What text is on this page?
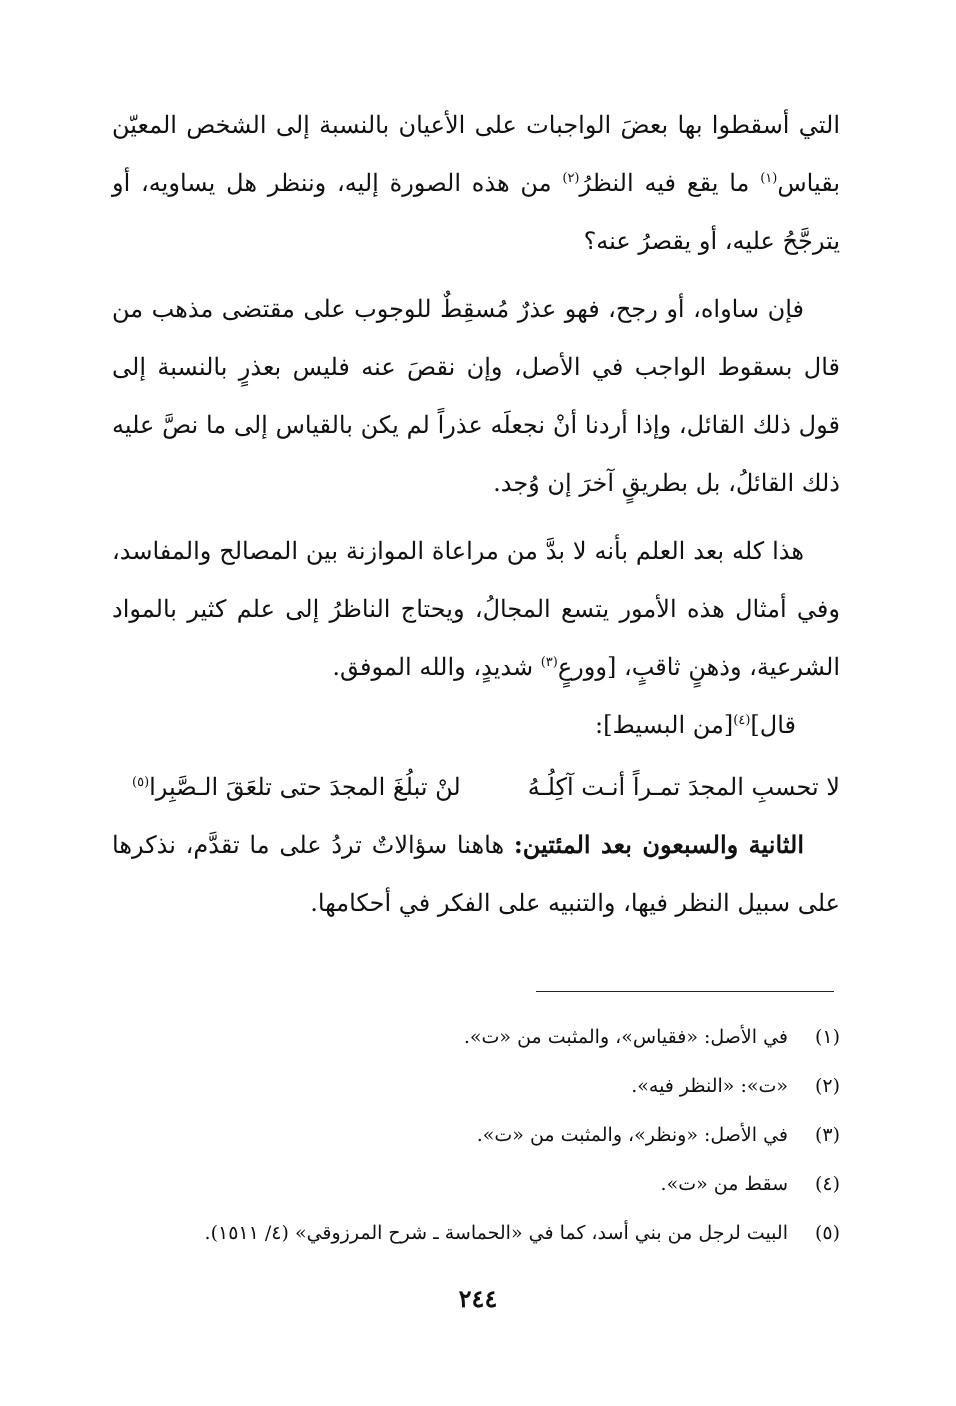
التي أسقطوا بها بعضَ الواجبات على الأعيان بالنسبة إلى الشخص المعيّن بقياس$^{(١)}$ ما يقع فيه النظرُ$^{(٢)}$ من هذه الصورة إليه، وننظر هل يساويه، أو يترجَّحُ عليه، أو يقصرُ عنه؟

فإن ساواه، أو رجح، فهو عذرٌ مُسقِطٌ للوجوب على مقتضى مذهب من قال بسقوط الواجب في الأصل، وإن نقصَ عنه فليس بعذرٍ بالنسبة إلى قول ذلك القائل، وإذا أردنا أنْ نجعلَه عذراً لم يكن بالقياس إلى ما نصَّ عليه ذلك القائلُ، بل بطريقٍ آخرَ إن وُجد.

هذا كله بعد العلم بأنه لا بدَّ من مراعاة الموازنة بين المصالح والمفاسد، وفي أمثال هذه الأمور يتسع المجالُ، ويحتاج الناظرُ إلى علم كثير بالمواد الشرعية، وذهنٍ ثاقبٍ، [وورعٍ$^{(٣)}$ شديدٍ، والله الموفق.

قال]$^{(٤)}$[من البسيط]:

لا تحسبِ المجدَ تمـراً أنـت آكِلُـهُ
لنْ تبلُغَ المجدَ حتى تلعَقَ الـصَّبِرا$^{(٥)}$

الثانية والسبعون بعد المئتين: هاهنا سؤالاتٌ تردُ على ما تقدَّم، نذكرها على سبيل النظر فيها، والتنبيه على الفكر في أحكامها.

(١)
في الأصل: «فقياس»، والمثبت من «ت».
(٢)
«ت»: «النظر فيه».
(٣)
في الأصل: «ونظر»، والمثبت من «ت».
(٤)
سقط من «ت».
(٥)
البيت لرجل من بني أسد، كما في «الحماسة ـ شرح المرزوقي» (٤/ ١٥١١).
٢٤٤
